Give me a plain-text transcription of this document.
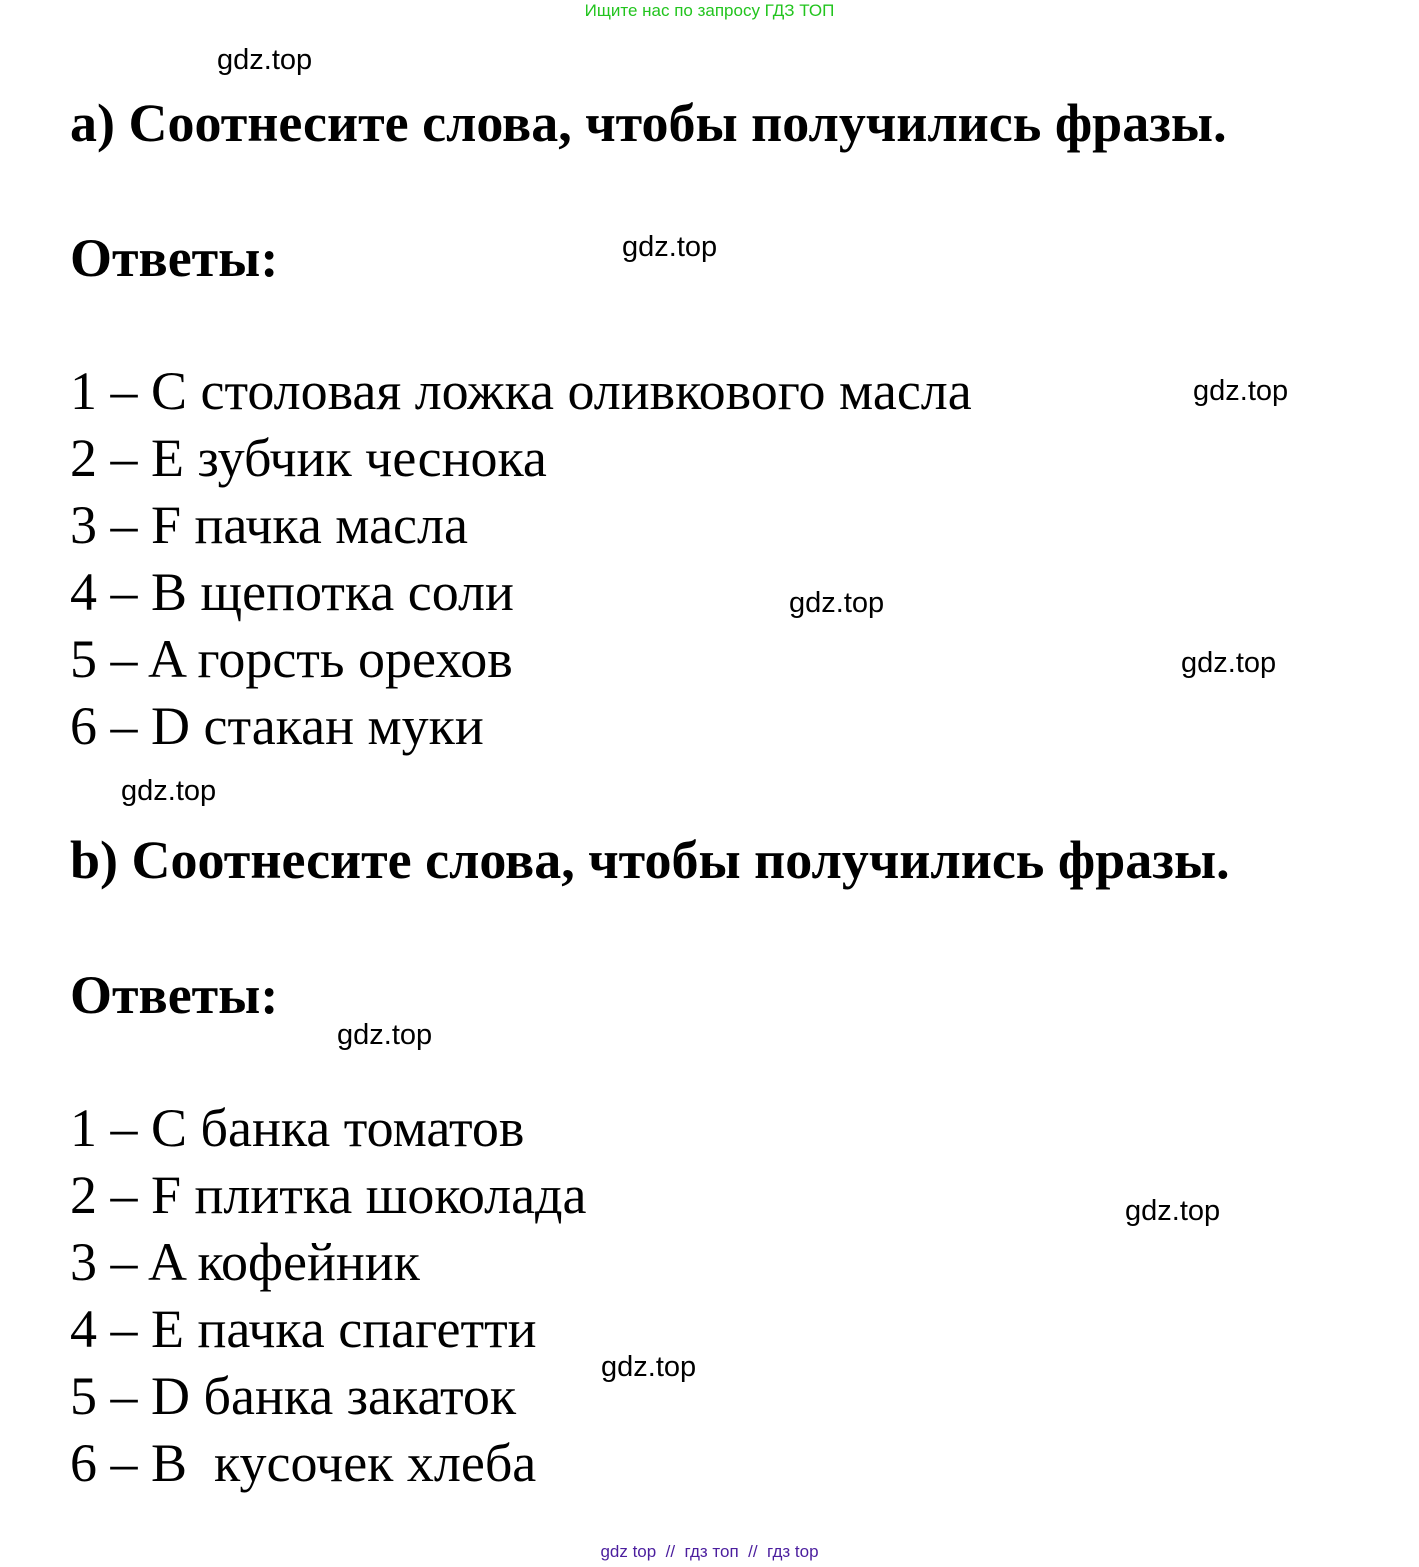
Ищите нас по запросу ГДЗ ТОП
gdz.top
a) Соотнесите слова, чтобы получились фразы.
Ответы:	gdz.top
1 – C столовая ложка оливкового масла
2 – E зубчик чеснока
3 – F пачка масла
4 – B щепотка соли
5 – A горсть орехов
6 – D стакан муки
gdz.top
gdz.top
gdz.top
gdz.top
b) Соотнесите слова, чтобы получились фразы.
Ответы:
gdz.top
1 – C банка томатов
2 – F плитка шоколада
3 – A кофейник
4 – E пачка спагетти
5 – D банка закаток
6 – B  кусочек хлеба
gdz.top
gdz.top
gdz top  //  гдз топ  //  гдз top
